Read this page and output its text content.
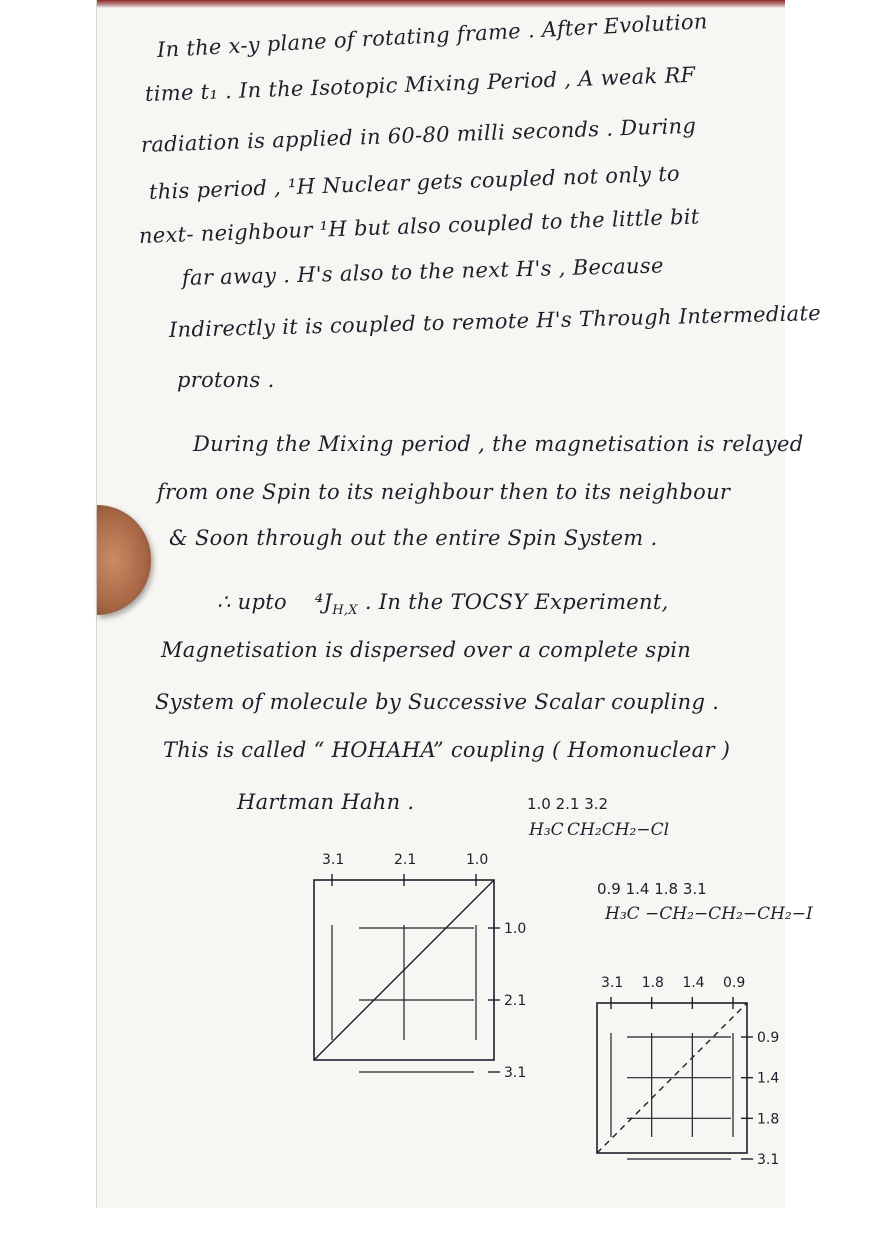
In the x-y plane of rotating frame . After Evolution
time t₁ . In the Isotopic Mixing Period , A weak RF
radiation is applied in 60-80 milli seconds . During
this period , ¹H Nuclear gets coupled not only to
next- neighbour ¹H but also coupled to the little bit
far away . H's also to the next H's , Because
Indirectly it is coupled to remote H's Through Intermediate
protons .
During the Mixing period , the magnetisation is relayed
from one Spin to its neighbour then to its neighbour
& Soon through out the entire Spin System .
∴ upto $^4J_{H,X}$ . In the TOCSY Experiment,
Magnetisation is dispersed over a complete spin
System of molecule by Successive Scalar coupling .
This is called “ HOHAHA” coupling ( Homonuclear )
Hartman Hahn .	1.0 2.1 3.2
H₃C CH₂CH₂−Cl
0.9 1.4 1.8 3.1
H₃C −CH₂−CH₂−CH₂−I
3.1	2.1	1.0
1.0
2.1
3.1
3.1 1.8 1.4 0.9
0.9
1.4
1.8
3.1
